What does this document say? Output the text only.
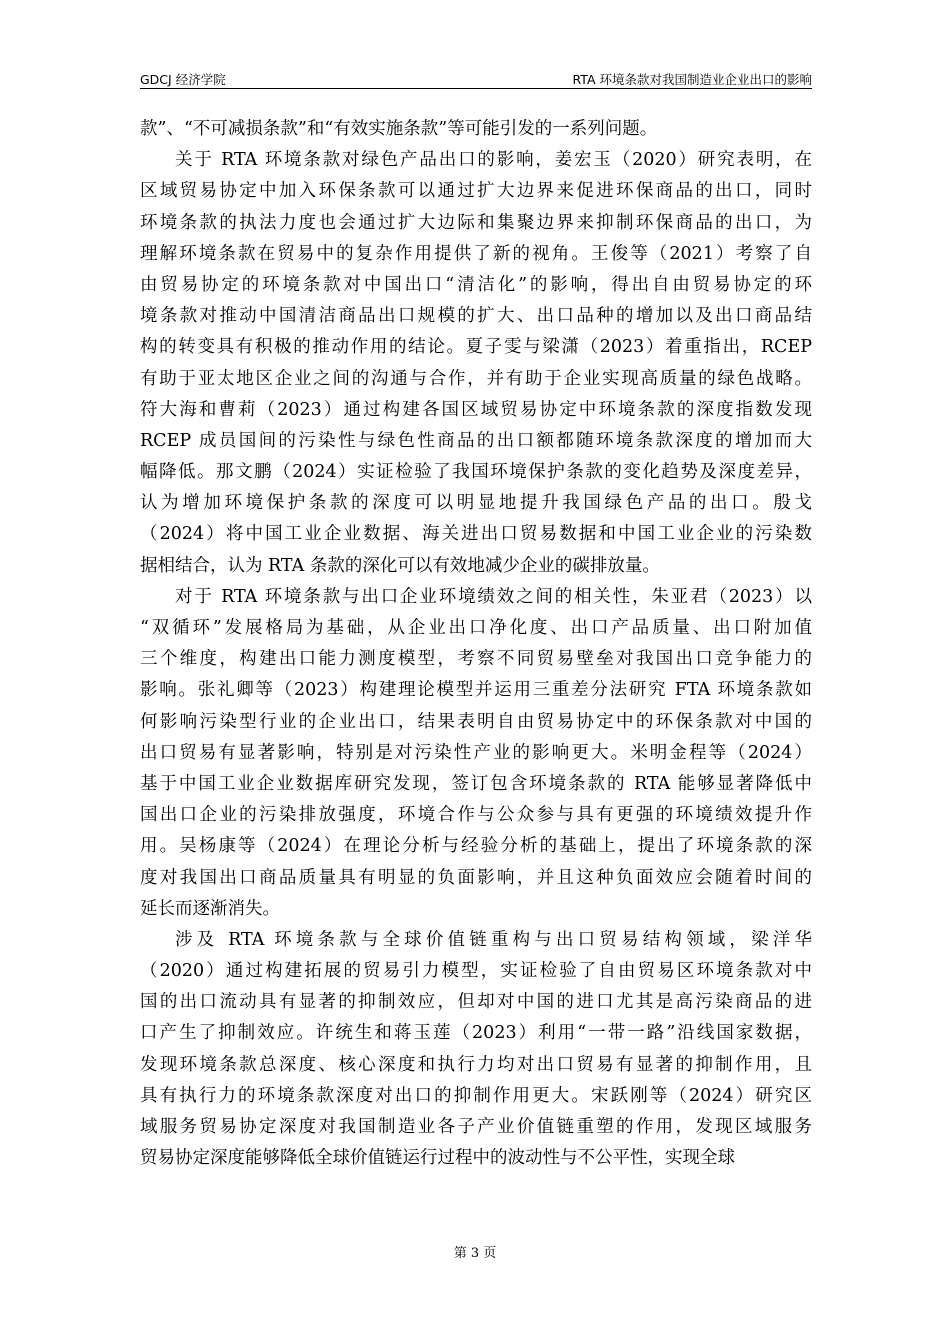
GDCJ 经济学院	RTA 环境条款对我国制造业企业出口的影响
款”、“不可减损条款”和“有效实施条款”等可能引发的一系列问题。
关于 RTA 环境条款对绿色产品出口的影响，姜宏玉（2020）研究表明，在
区域贸易协定中加入环保条款可以通过扩大边界来促进环保商品的出口，同时
环境条款的执法力度也会通过扩大边际和集聚边界来抑制环保商品的出口，为
理解环境条款在贸易中的复杂作用提供了新的视角。王俊等（2021）考察了自
由贸易协定的环境条款对中国出口“清洁化”的影响，得出自由贸易协定的环
境条款对推动中国清洁商品出口规模的扩大、出口品种的增加以及出口商品结
构的转变具有积极的推动作用的结论。夏子雯与梁潇（2023）着重指出，RCEP
有助于亚太地区企业之间的沟通与合作，并有助于企业实现高质量的绿色战略。
符大海和曹莉（2023）通过构建各国区域贸易协定中环境条款的深度指数发现
RCEP 成员国间的污染性与绿色性商品的出口额都随环境条款深度的增加而大
幅降低。那文鹏（2024）实证检验了我国环境保护条款的变化趋势及深度差异，
认为增加环境保护条款的深度可以明显地提升我国绿色产品的出口。殷戈
（2024）将中国工业企业数据、海关进出口贸易数据和中国工业企业的污染数
据相结合，认为 RTA 条款的深化可以有效地减少企业的碳排放量。
对于 RTA 环境条款与出口企业环境绩效之间的相关性，朱亚君（2023）以
“双循环”发展格局为基础，从企业出口净化度、出口产品质量、出口附加值
三个维度，构建出口能力测度模型，考察不同贸易壁垒对我国出口竞争能力的
影响。张礼卿等（2023）构建理论模型并运用三重差分法研究 FTA 环境条款如
何影响污染型行业的企业出口，结果表明自由贸易协定中的环保条款对中国的
出口贸易有显著影响，特别是对污染性产业的影响更大。米明金程等（2024）
基于中国工业企业数据库研究发现，签订包含环境条款的 RTA 能够显著降低中
国出口企业的污染排放强度，环境合作与公众参与具有更强的环境绩效提升作
用。吴杨康等（2024）在理论分析与经验分析的基础上，提出了环境条款的深
度对我国出口商品质量具有明显的负面影响，并且这种负面效应会随着时间的
延长而逐渐消失。
涉及 RTA 环境条款与全球价值链重构与出口贸易结构领域，梁洋华
（2020）通过构建拓展的贸易引力模型，实证检验了自由贸易区环境条款对中
国的出口流动具有显著的抑制效应，但却对中国的进口尤其是高污染商品的进
口产生了抑制效应。许统生和蒋玉莲（2023）利用“一带一路”沿线国家数据，
发现环境条款总深度、核心深度和执行力均对出口贸易有显著的抑制作用，且
具有执行力的环境条款深度对出口的抑制作用更大。宋跃刚等（2024）研究区
域服务贸易协定深度对我国制造业各子产业价值链重塑的作用，发现区域服务
贸易协定深度能够降低全球价值链运行过程中的波动性与不公平性，实现全球
第 3 页
